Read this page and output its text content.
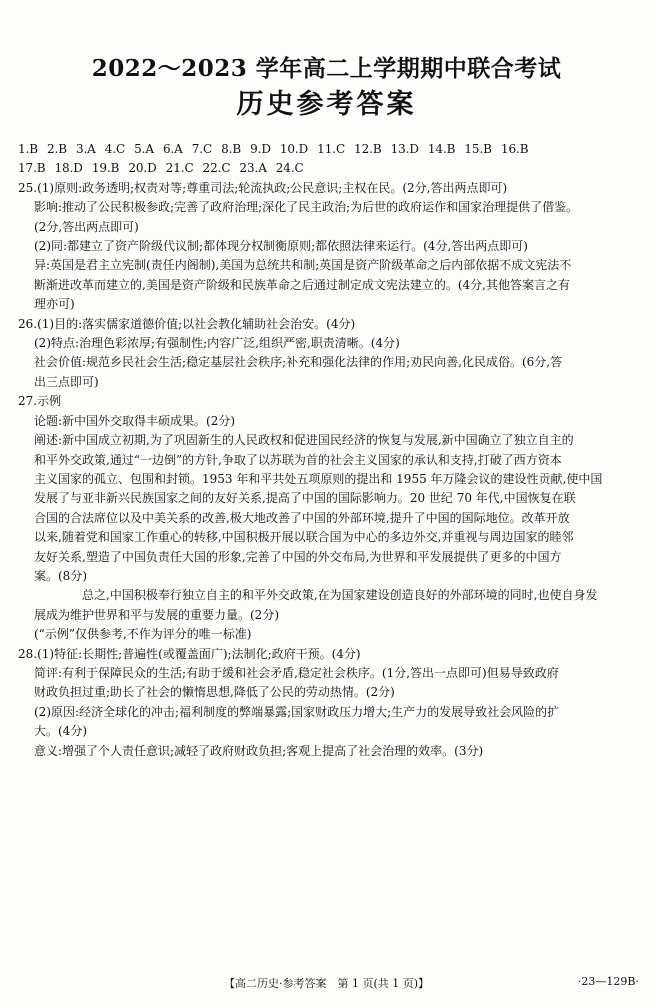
2022～2023 学年高二上学期期中联合考试
历史参考答案
1.B 2.B 3.A 4.C 5.A 6.A 7.C 8.B 9.D 10.D 11.C 12.B 13.D 14.B 15.B 16.B
17.B 18.D 19.B 20.D 21.C 22.C 23.A 24.C

25.(1)原则:政务透明;权责对等;尊重司法;轮流执政;公民意识;主权在民。(2分,答出两点即可)

影响:推动了公民积极参政;完善了政府治理;深化了民主政治;为后世的政府运作和国家治理提供了借鉴。

(2分,答出两点即可)

(2)同:都建立了资产阶级代议制;都体现分权制衡原则;都依照法律来运行。(4分,答出两点即可)

异:英国是君主立宪制(责任内阁制),美国为总统共和制;英国是资产阶级革命之后内部依据不成文宪法不

断渐进改革而建立的,美国是资产阶级和民族革命之后通过制定成文宪法建立的。(4分,其他答案言之有

理亦可)

26.(1)目的:落实儒家道德价值;以社会教化辅助社会治安。(4分)

(2)特点:治理色彩浓厚;有强制性;内容广泛,组织严密,职责清晰。(4分)

社会价值:规范乡民社会生活;稳定基层社会秩序;补充和强化法律的作用;劝民向善,化民成俗。(6分,答

出三点即可)

27.示例

论题:新中国外交取得丰硕成果。(2分)

阐述:新中国成立初期,为了巩固新生的人民政权和促进国民经济的恢复与发展,新中国确立了独立自主的

和平外交政策,通过“一边倒”的方针,争取了以苏联为首的社会主义国家的承认和支持,打破了西方资本

主义国家的孤立、包围和封锁。1953 年和平共处五项原则的提出和 1955 年万隆会议的建设性贡献,使中国

发展了与亚非新兴民族国家之间的友好关系,提高了中国的国际影响力。20 世纪 70 年代,中国恢复在联

合国的合法席位以及中美关系的改善,极大地改善了中国的外部环境,提升了中国的国际地位。改革开放

以来,随着党和国家工作重心的转移,中国积极开展以联合国为中心的多边外交,并重视与周边国家的睦邻

友好关系,塑造了中国负责任大国的形象,完善了中国的外交布局,为世界和平发展提供了更多的中国方

案。(8分)

总之,中国积极奉行独立自主的和平外交政策,在为国家建设创造良好的外部环境的同时,也使自身发

展成为维护世界和平与发展的重要力量。(2分)

(“示例”仅供参考,不作为评分的唯一标准)

28.(1)特征:长期性;普遍性(或覆盖面广);法制化;政府干预。(4分)

简评:有利于保障民众的生活;有助于缓和社会矛盾,稳定社会秩序。(1分,答出一点即可)但易导致政府

财政负担过重;助长了社会的懒惰思想,降低了公民的劳动热情。(2分)

(2)原因:经济全球化的冲击;福利制度的弊端暴露;国家财政压力增大;生产力的发展导致社会风险的扩

大。(4分)

意义:增强了个人责任意识;减轻了政府财政负担;客观上提高了社会治理的效率。(3分)

【高二历史·参考答案　第 1 页(共 1 页)】	·23—129B·
